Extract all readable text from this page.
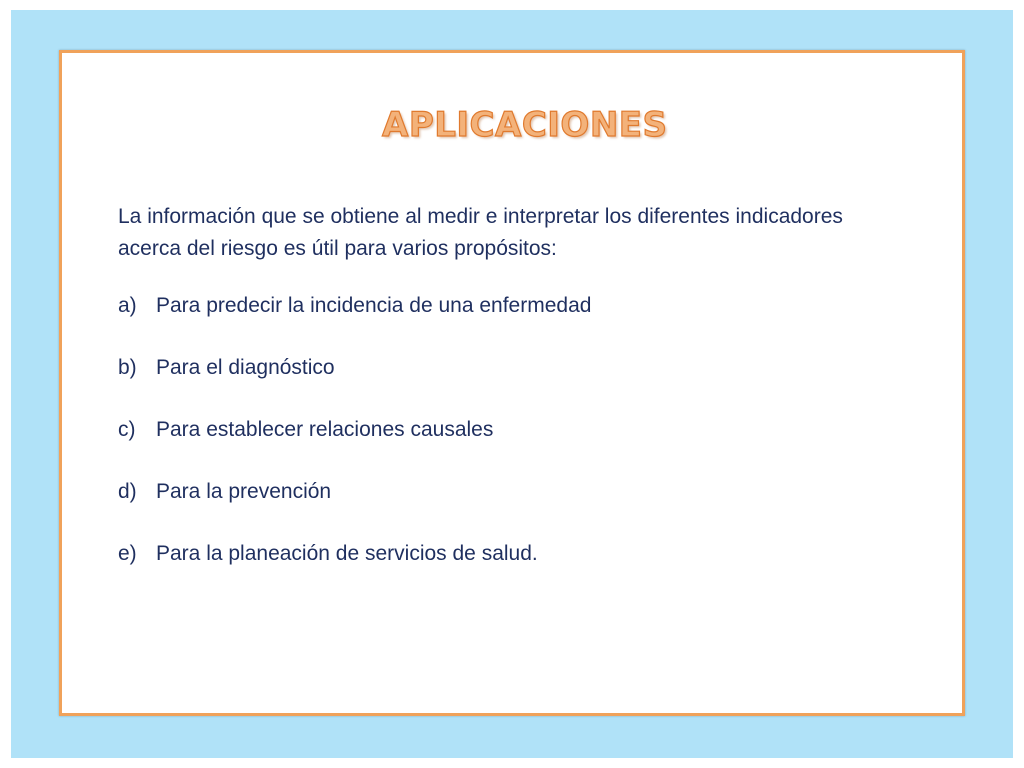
APLICACIONES

La información que se obtiene al medir e interpretar los diferentes indicadores acerca del riesgo es útil para varios propósitos:

a) Para predecir la incidencia de una enfermedad
b) Para el diagnóstico
c) Para establecer relaciones causales
d) Para la prevención
e) Para la planeación de servicios de salud.
